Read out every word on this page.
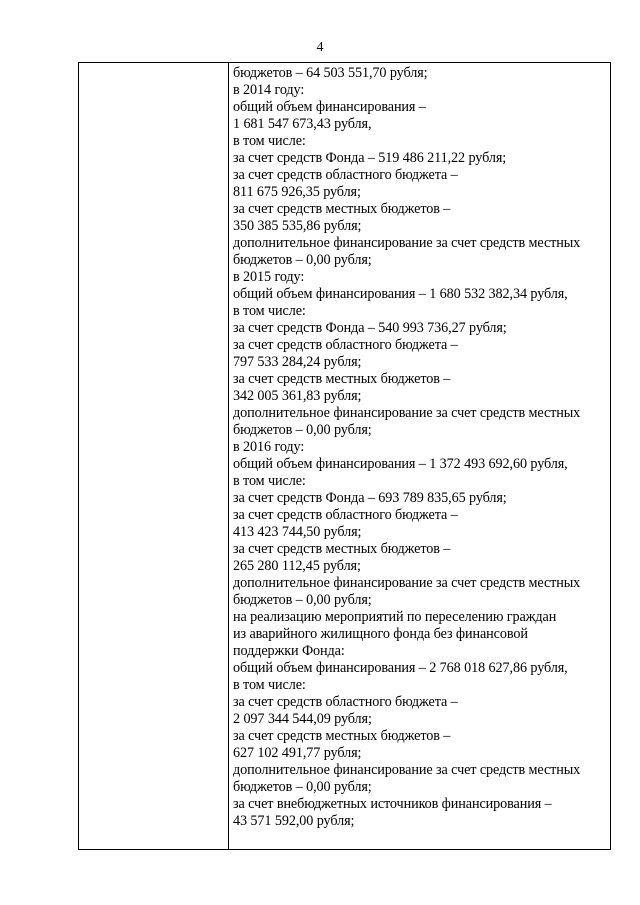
4
бюджетов – 64 503 551,70 рубля;
в 2014 году:
общий объем финансирования –
1 681 547 673,43 рубля,
в том числе:
за счет средств Фонда – 519 486 211,22 рубля;
за счет средств областного бюджета –
811 675 926,35 рубля;
за счет средств местных бюджетов –
350 385 535,86 рубля;
дополнительное финансирование за счет средств местных
бюджетов – 0,00 рубля;
в 2015 году:
общий объем финансирования – 1 680 532 382,34 рубля,
в том числе:
за счет средств Фонда – 540 993 736,27 рубля;
за счет средств областного бюджета –
797 533 284,24 рубля;
за счет средств местных бюджетов –
342 005 361,83 рубля;
дополнительное финансирование за счет средств местных
бюджетов – 0,00 рубля;
в 2016 году:
общий объем финансирования – 1 372 493 692,60 рубля,
в том числе:
за счет средств Фонда – 693 789 835,65 рубля;
за счет средств областного бюджета –
413 423 744,50 рубля;
за счет средств местных бюджетов –
265 280 112,45 рубля;
дополнительное финансирование за счет средств местных
бюджетов – 0,00 рубля;
на реализацию мероприятий по переселению граждан
из аварийного жилищного фонда без финансовой
поддержки Фонда:
общий объем финансирования – 2 768 018 627,86 рубля,
в том числе:
за счет средств областного бюджета –
2 097 344 544,09 рубля;
за счет средств местных бюджетов –
627 102 491,77 рубля;
дополнительное финансирование за счет средств местных
бюджетов – 0,00 рубля;
за счет внебюджетных источников финансирования –
43 571 592,00 рубля;
